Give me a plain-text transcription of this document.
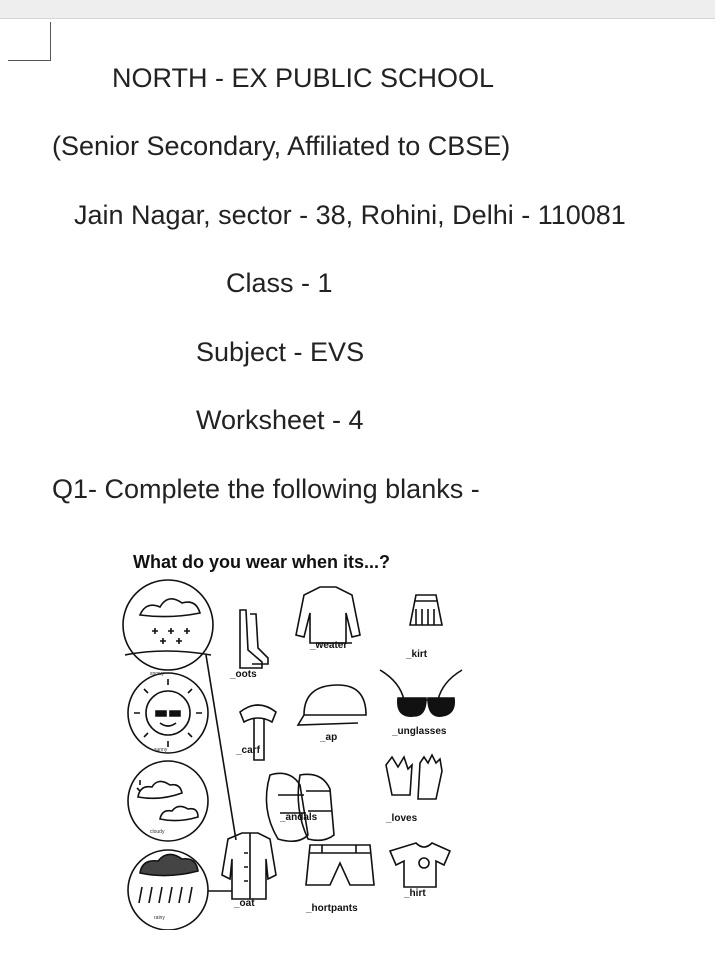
NORTH - EX PUBLIC SCHOOL
(Senior Secondary, Affiliated to CBSE)
Jain Nagar, sector - 38, Rohini, Delhi - 110081
Class - 1
Subject - EVS
Worksheet - 4
Q1- Complete the following blanks -
What do you wear when its...?
snowy
sunny
cloudy
rainy
_oots
_weater
_kirt
_carf
_ap
_unglasses
_andals	_loves
_oat	_hortpants
_hirt
